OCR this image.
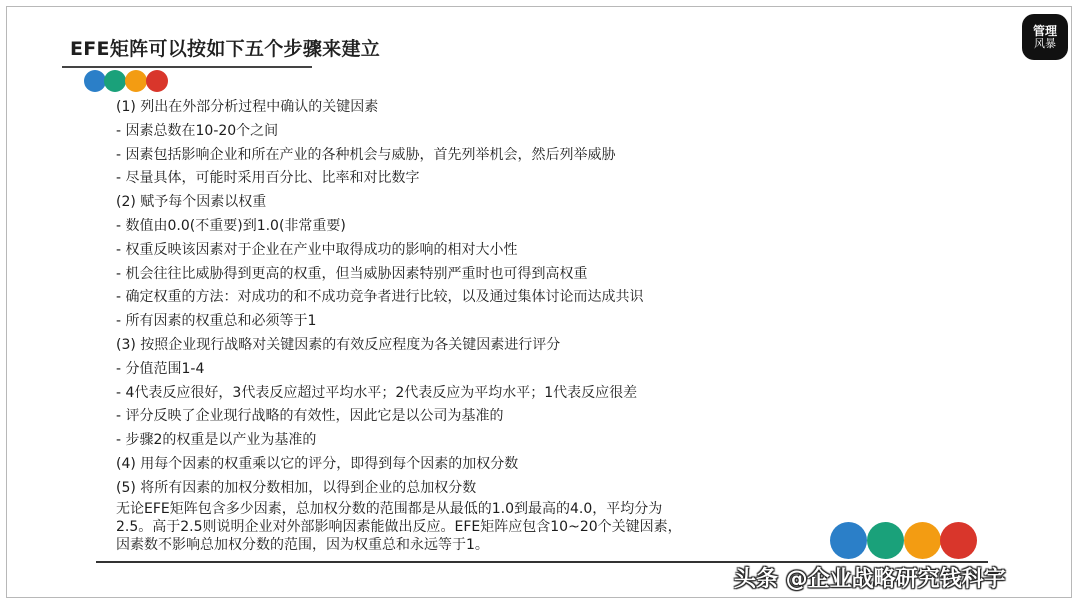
EFE矩阵可以按如下五个步骤来建立
管理
风暴
(1) 列出在外部分析过程中确认的关键因素
- 因素总数在10-20个之间
- 因素包括影响企业和所在产业的各种机会与威胁，首先列举机会，然后列举威胁
- 尽量具体，可能时采用百分比、比率和对比数字
(2) 赋予每个因素以权重
- 数值由0.0(不重要)到1.0(非常重要)
- 权重反映该因素对于企业在产业中取得成功的影响的相对大小性
- 机会往往比威胁得到更高的权重，但当威胁因素特别严重时也可得到高权重
- 确定权重的方法：对成功的和不成功竞争者进行比较，以及通过集体讨论而达成共识
- 所有因素的权重总和必须等于1
(3) 按照企业现行战略对关键因素的有效反应程度为各关键因素进行评分
- 分值范围1-4
- 4代表反应很好，3代表反应超过平均水平；2代表反应为平均水平；1代表反应很差
- 评分反映了企业现行战略的有效性，因此它是以公司为基准的
- 步骤2的权重是以产业为基准的
(4) 用每个因素的权重乘以它的评分，即得到每个因素的加权分数
(5) 将所有因素的加权分数相加，以得到企业的总加权分数
无论EFE矩阵包含多少因素，总加权分数的范围都是从最低的1.0到最高的4.0，平均分为
2.5。高于2.5则说明企业对外部影响因素能做出反应。EFE矩阵应包含10~20个关键因素，
因素数不影响总加权分数的范围，因为权重总和永远等于1。
头条 @企业战略研究钱科宇
